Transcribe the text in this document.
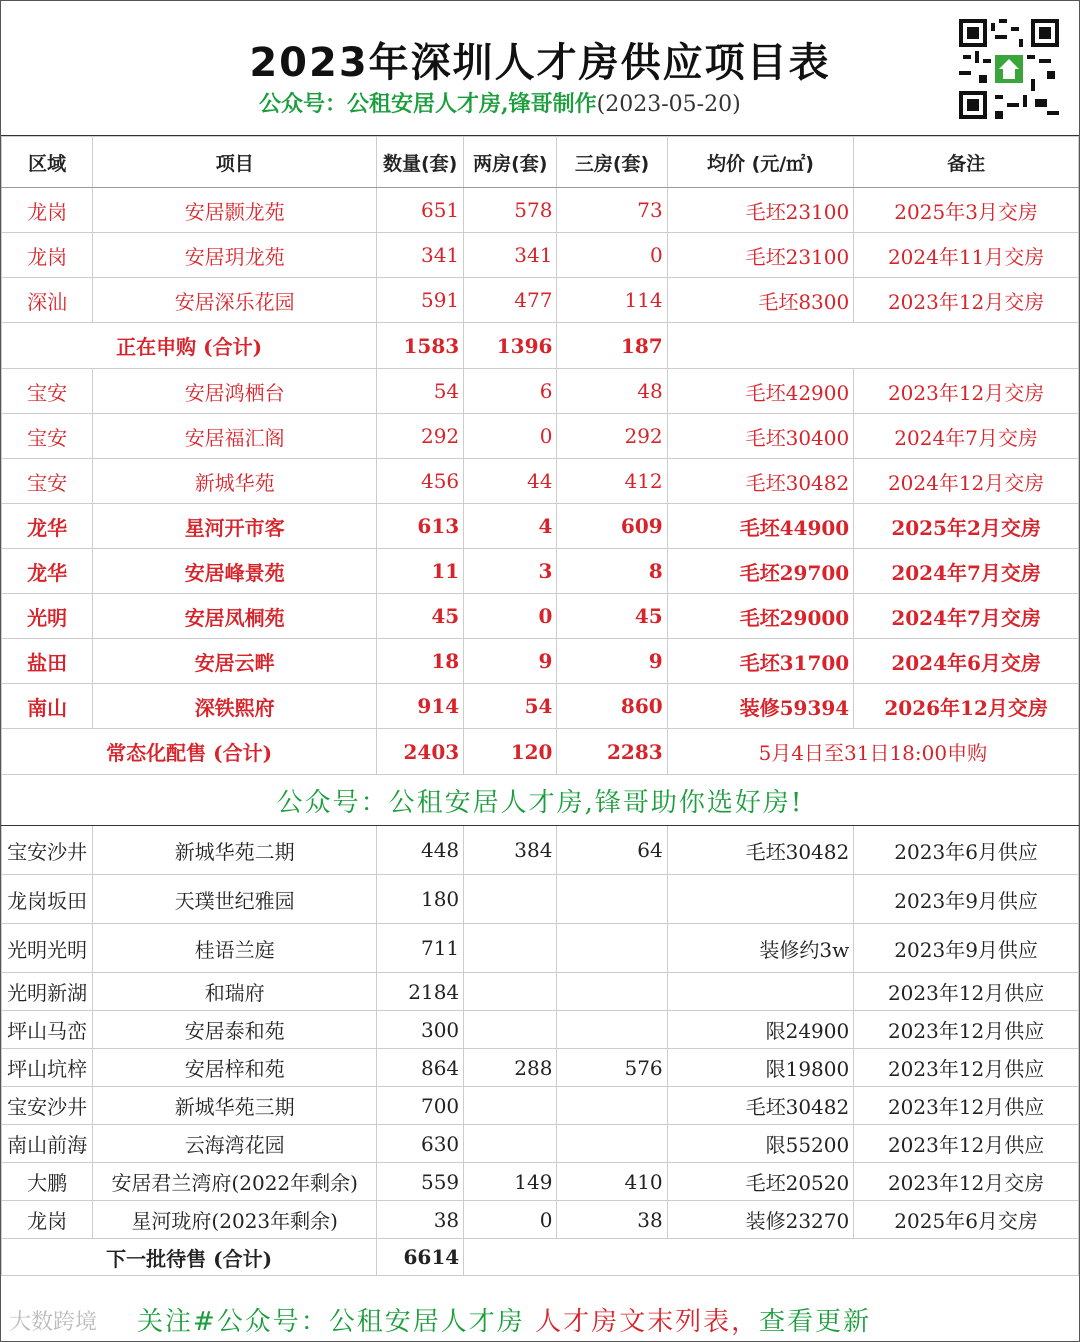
2023年深圳人才房供应项目表
公众号：公租安居人才房,锋哥制作(2023-05-20)
区域	项目	数量(套)	两房(套)	三房(套)	均价 (元/㎡)	备注
龙岗	安居颢龙苑	651	578	73	毛坯23100	2025年3月交房
龙岗	安居玥龙苑	341	341	0	毛坯23100	2024年11月交房
深汕	安居深乐花园	591	477	114	毛坯8300	2023年12月交房
正在申购 (合计)		1583	1396	187		
宝安	安居鸿栖台	54	6	48	毛坯42900	2023年12月交房
宝安	安居福汇阁	292	0	292	毛坯30400	2024年7月交房
宝安	新城华苑	456	44	412	毛坯30482	2024年12月交房
龙华	星河开市客	613	4	609	毛坯44900	2025年2月交房
龙华	安居峰景苑	11	3	8	毛坯29700	2024年7月交房
光明	安居凤桐苑	45	0	45	毛坯29000	2024年7月交房
盐田	安居云畔	18	9	9	毛坯31700	2024年6月交房
南山	深铁熙府	914	54	860	装修59394	2026年12月交房
常态化配售 (合计)		2403	120	2283	5月4日至31日18:00申购	
公众号：公租安居人才房,锋哥助你选好房!						
宝安沙井	新城华苑二期	448	384	64	毛坯30482	2023年6月供应
龙岗坂田	天璞世纪雅园	180				2023年9月供应
光明光明	桂语兰庭	711			装修约3w	2023年9月供应
光明新湖	和瑞府	2184				2023年12月供应
坪山马峦	安居泰和苑	300			限24900	2023年12月供应
坪山坑梓	安居梓和苑	864	288	576	限19800	2023年12月供应
宝安沙井	新城华苑三期	700			毛坯30482	2023年12月供应
南山前海	云海湾花园	630			限55200	2023年12月供应
大鹏	安居君兰湾府(2022年剩余)	559	149	410	毛坯20520	2023年12月交房
龙岗	星河珑府(2023年剩余)	38	0	38	装修23270	2025年6月交房
下一批待售 (合计)		6614				
大数跨境 关注#公众号：公租安居人才房 人才房文末列表，查看更新
